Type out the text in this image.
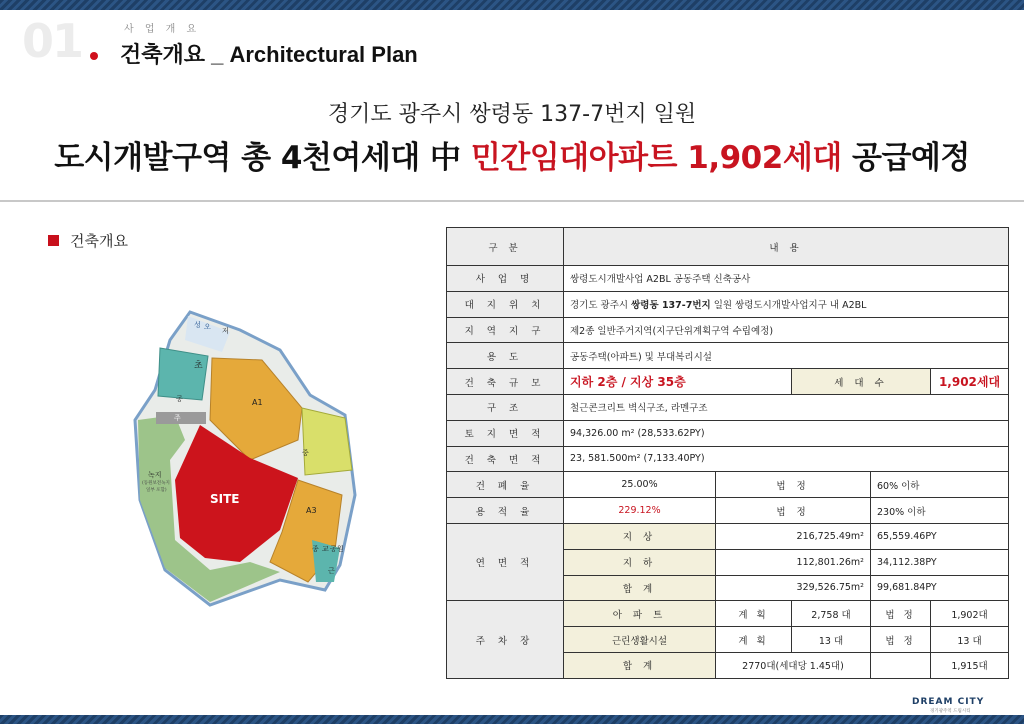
01	사 업 개 요
건축개요 _ Architectural Plan
경기도 광주시 쌍령동 137-7번지 일원
도시개발구역 총 4천여세대 中 민간임대아파트 1,902세대 공급예정
건축개요
성 오 저
초
공
주
A1
중
녹지
(동원보전녹지
일부 포함)
SITE
A3
종 교 공원
근
구 분	내 용				
사 업 명	쌍령도시개발사업 A2BL 공동주택 신축공사				
대 지 위 치	경기도 광주시 쌍령동 137-7번지 일원 쌍령도시개발사업지구 내 A2BL				
지 역 지 구	제2종 일반주거지역(지구단위계획구역 수립예정)				
용 도	공동주택(아파트) 및 부대복리시설				
건 축 규 모	지하 2층 / 지상 35층		세 대 수		1,902세대
구 조	철근콘크리트 벽식구조, 라멘구조				
토 지 면 적	94,326.00 m² (28,533.62PY)				
건 축 면 적	23, 581.500m² (7,133.40PY)				
건 폐 율	25.00%	법 정		60% 이하	
용 적 율	229.12%	법 정		230% 이하	
연 면 적	지 상	216,725.49m²		65,559.46PY	
	지 하	112,801.26m²		34,112.38PY	
	합 계	329,526.75m²		99,681.84PY	
주 차 장	아 파 트	계 획	2,758 대	법 정	1,902대
	근린생활시설	계 획	13 대	법 정	13 대
	합 계	2770대(세대당 1.45대)			1,915대
DREAM CITY
경기광주역 드림시티
